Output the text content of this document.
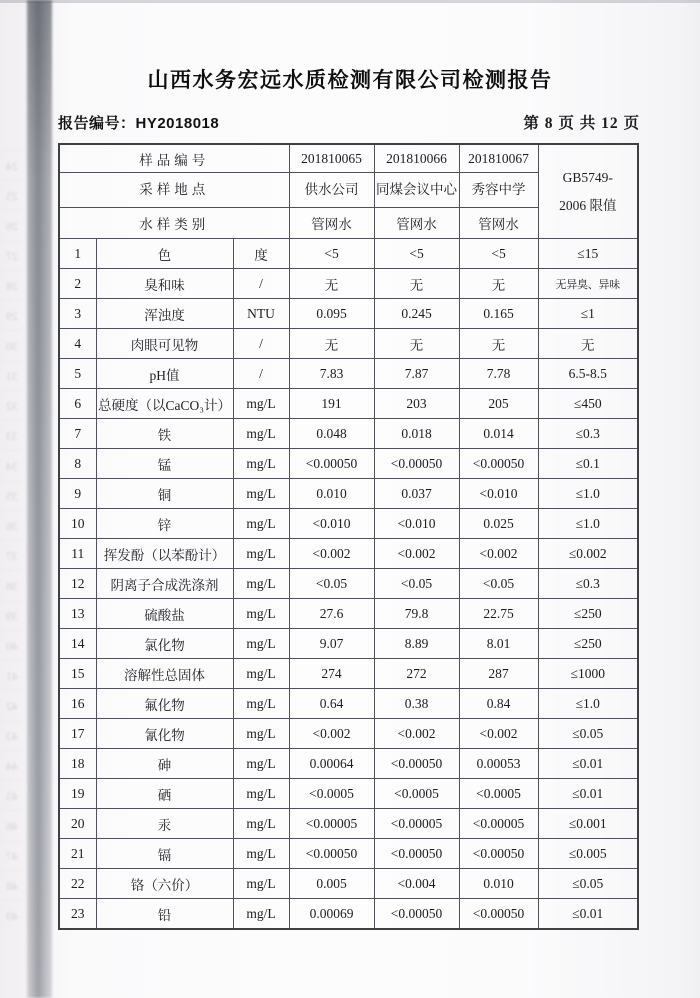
24
25
26
27
28
29
30
31
32
33
34
35
36
37
38
39
40
41
42
43
44
45
46
47
48
49
山西水务宏远水质检测有限公司检测报告
报告编号：HY2018018	第 8 页 共 12 页
样品编号			201810065	201810066	201810067	GB5749-
2006 限值

采样地点			供水公司	同煤会议中心	秀容中学	
水样类别			管网水	管网水	管网水	
1	色	度	<5	<5	<5	≤15
2	臭和味	/	无	无	无	无异臭、异味
3	浑浊度	NTU	0.095	0.245	0.165	≤1
4	肉眼可见物	/	无	无	无	无
5	pH值	/	7.83	7.87	7.78	6.5-8.5
6	总硬度（以CaCO₃计）	mg/L	191	203	205	≤450
7	铁	mg/L	0.048	0.018	0.014	≤0.3
8	锰	mg/L	<0.00050	<0.00050	<0.00050	≤0.1
9	铜	mg/L	0.010	0.037	<0.010	≤1.0
10	锌	mg/L	<0.010	<0.010	0.025	≤1.0
11	挥发酚（以苯酚计）	mg/L	<0.002	<0.002	<0.002	≤0.002
12	阴离子合成洗涤剂	mg/L	<0.05	<0.05	<0.05	≤0.3
13	硫酸盐	mg/L	27.6	79.8	22.75	≤250
14	氯化物	mg/L	9.07	8.89	8.01	≤250
15	溶解性总固体	mg/L	274	272	287	≤1000
16	氟化物	mg/L	0.64	0.38	0.84	≤1.0
17	氰化物	mg/L	<0.002	<0.002	<0.002	≤0.05
18	砷	mg/L	0.00064	<0.00050	0.00053	≤0.01
19	硒	mg/L	<0.0005	<0.0005	<0.0005	≤0.01
20	汞	mg/L	<0.00005	<0.00005	<0.00005	≤0.001
21	镉	mg/L	<0.00050	<0.00050	<0.00050	≤0.005
22	铬（六价）	mg/L	0.005	<0.004	0.010	≤0.05
23	铅	mg/L	0.00069	<0.00050	<0.00050	≤0.01
